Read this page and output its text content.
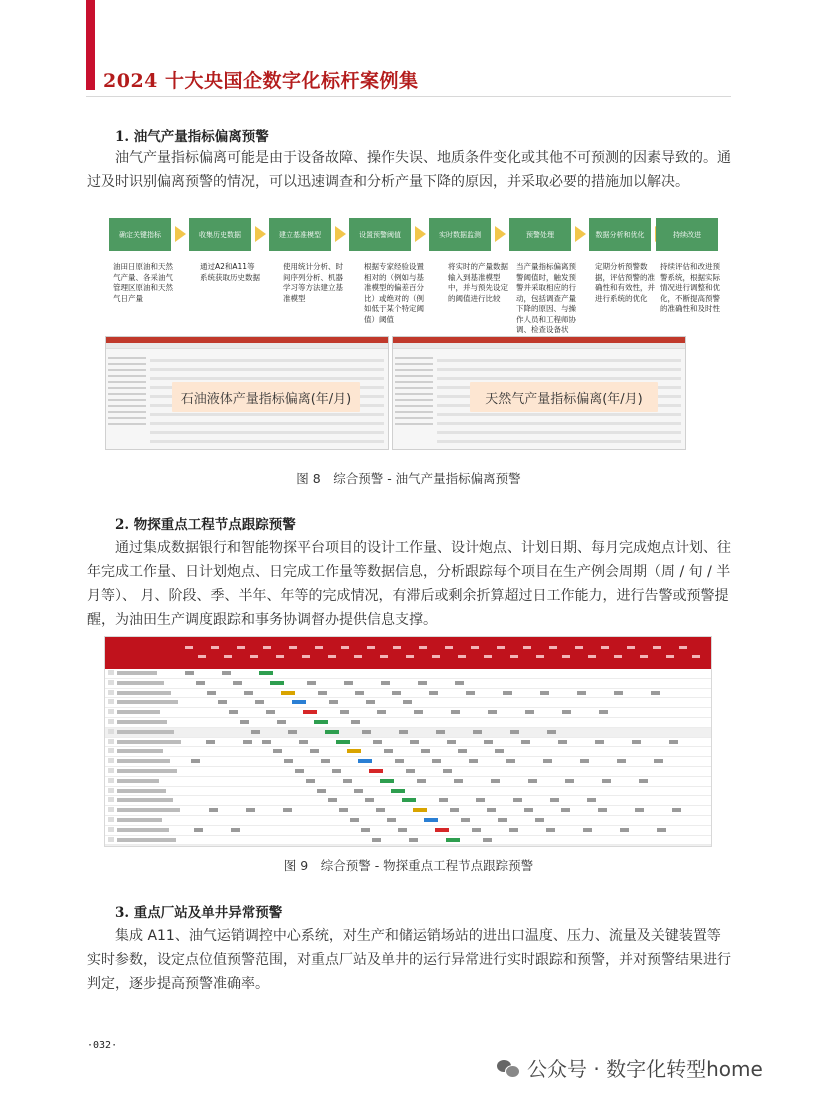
2024 十大央国企数字化标杆案例集
1. 油气产量指标偏离预警
油气产量指标偏离可能是由于设备故障、操作失误、地质条件变化或其他不可预测的因素导致的。通过及时识别偏离预警的情况，可以迅速调查和分析产量下降的原因，并采取必要的措施加以解决。
确定关键指标	收集历史数据	建立基准模型	设置预警阈值	实时数据监测	预警处理	数据分析和优化	持续改进
油田日原油和天然气产量、各采油气管理区原油和天然气日产量
通过A2和A11等系统获取历史数据
使用统计分析、时间序列分析、机器学习等方法建立基准模型
根据专家经验设置相对的（例如与基准模型的偏差百分比）或绝对的（例如低于某个特定阈值）阈值
将实时的产量数据输入到基准模型中，并与预先设定的阈值进行比较
当产量指标偏离预警阈值时，触发预警并采取相应的行动，包括调查产量下降的原因、与操作人员和工程师协调、检查设备状
定期分析预警数据，评估预警的准确性和有效性，并进行系统的优化
持续评估和改进预警系统，根据实际情况进行调整和优化，不断提高预警的准确性和及时性
石油液体产量指标偏离(年/月)	天然气产量指标偏离(年/月)
图 8　综合预警 - 油气产量指标偏离预警
2. 物探重点工程节点跟踪预警
通过集成数据银行和智能物探平台项目的设计工作量、设计炮点、计划日期、每月完成炮点计划、往年完成工作量、日计划炮点、日完成工作量等数据信息，分析跟踪每个项目在生产例会周期（周 / 旬 / 半月等）、 月、阶段、季、半年、年等的完成情况，有滞后或剩余折算超过日工作能力，进行告警或预警提醒，为油田生产调度跟踪和事务协调督办提供信息支撑。
图 9　综合预警 - 物探重点工程节点跟踪预警
3. 重点厂站及单井异常预警
集成 A11、油气运销调控中心系统，对生产和储运销场站的进出口温度、压力、流量及关键装置等实时参数，设定点位值预警范围，对重点厂站及单井的运行异常进行实时跟踪和预警，并对预警结果进行判定，逐步提高预警准确率。
·032·
公众号 · 数字化转型home
